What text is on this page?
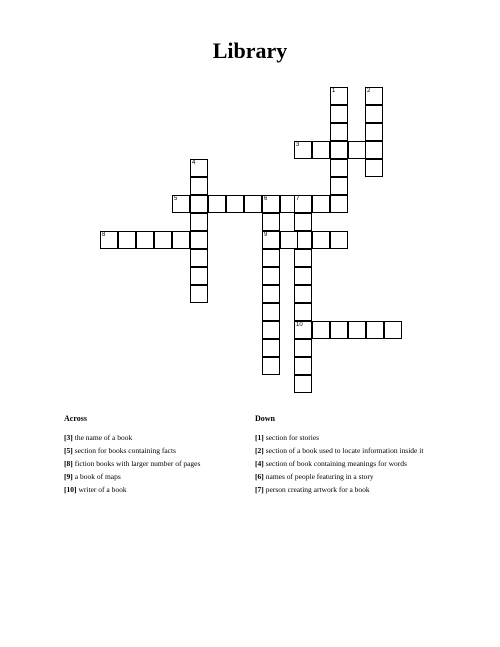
Library
1	2
3
4
5	6	7
8	9
10
Across
[3] the name of a book
[5] section for books containing facts
[8] fiction books with larger number of pages
[9] a book of maps
[10] writer of a book
Down
[1] section for stories
[2] section of a book used to locate information inside it
[4] section of book containing meanings for words
[6] names of people featuring in a story
[7] person creating artwork for a book
